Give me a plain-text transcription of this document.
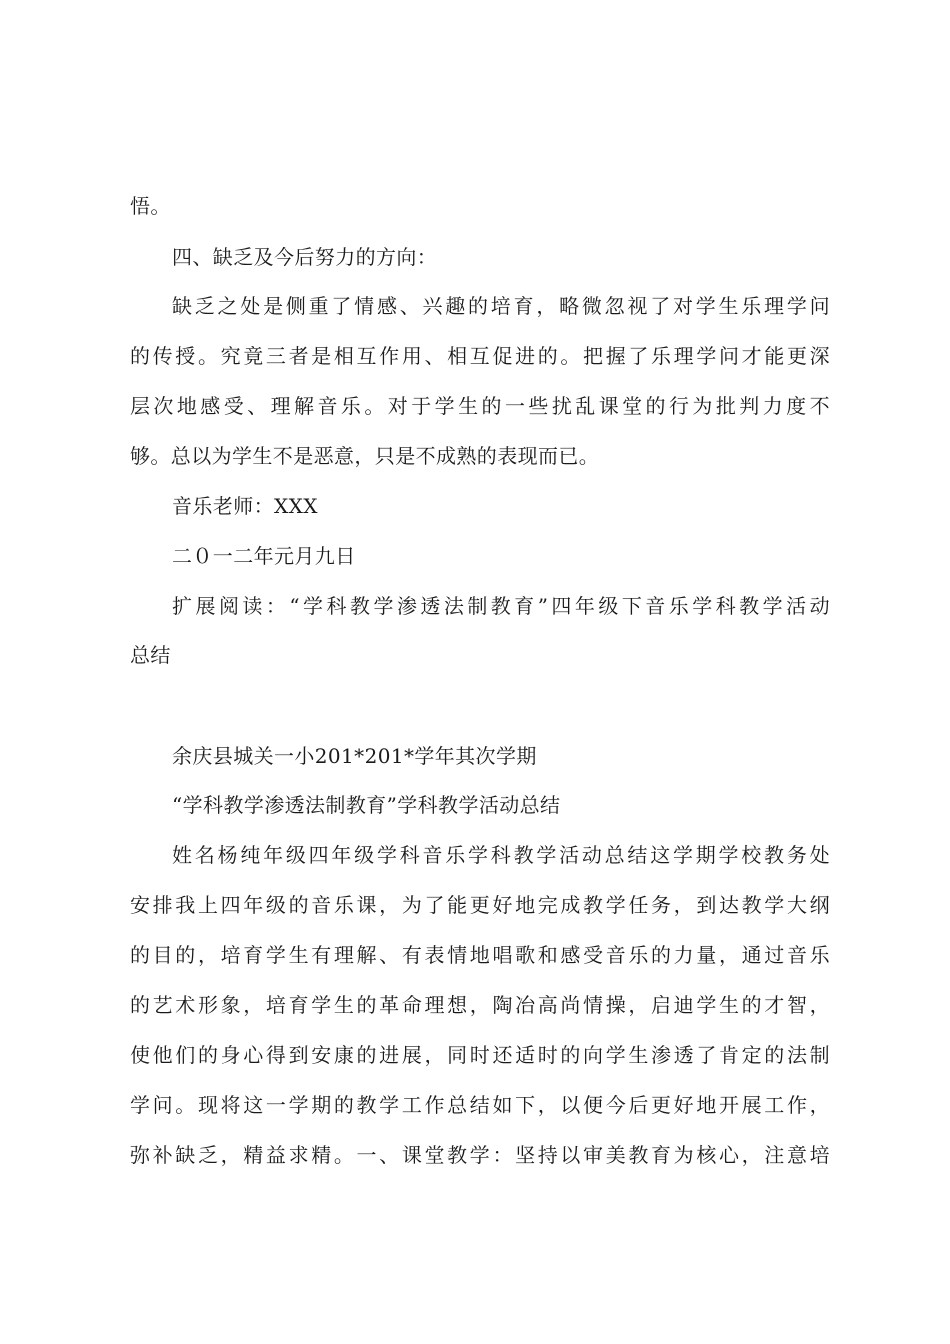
悟。
四、缺乏及今后努力的方向：
缺乏之处是侧重了情感、兴趣的培育，略微忽视了对学生乐理学问
的传授。究竟三者是相互作用、相互促进的。把握了乐理学问才能更深
层次地感受、理解音乐。对于学生的一些扰乱课堂的行为批判力度不
够。总以为学生不是恶意，只是不成熟的表现而已。
音乐老师：XXX
二０一二年元月九日
扩展阅读：“学科教学渗透法制教育”四年级下音乐学科教学活动
总结
余庆县城关一小201*201*学年其次学期
“学科教学渗透法制教育”学科教学活动总结
姓名杨纯年级四年级学科音乐学科教学活动总结这学期学校教务处
安排我上四年级的音乐课，为了能更好地完成教学任务，到达教学大纲
的目的，培育学生有理解、有表情地唱歌和感受音乐的力量，通过音乐
的艺术形象，培育学生的革命理想，陶冶高尚情操，启迪学生的才智，
使他们的身心得到安康的进展，同时还适时的向学生渗透了肯定的法制
学问。现将这一学期的教学工作总结如下，以便今后更好地开展工作，
弥补缺乏，精益求精。一、课堂教学：坚持以审美教育为核心，注意培
